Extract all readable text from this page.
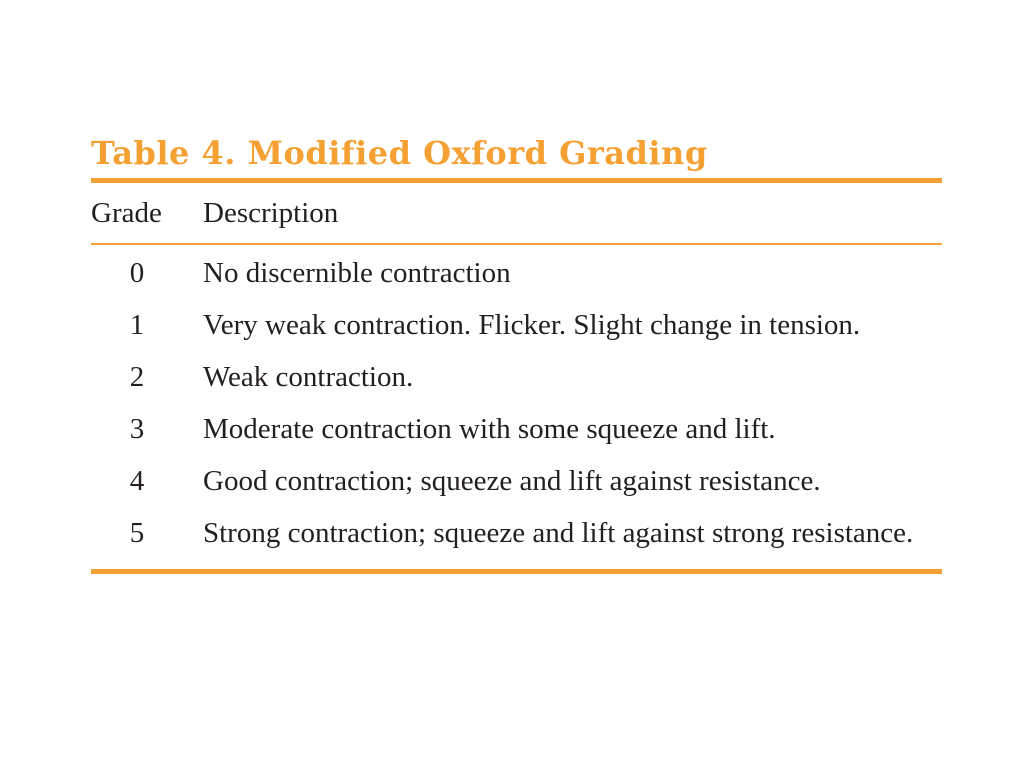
Table 4. Modified Oxford Grading
Grade	Description
0	No discernible contraction
1	Very weak contraction. Flicker. Slight change in tension.
2	Weak contraction.
3	Moderate contraction with some squeeze and lift.
4	Good contraction; squeeze and lift against resistance.
5	Strong contraction; squeeze and lift against strong resistance.
